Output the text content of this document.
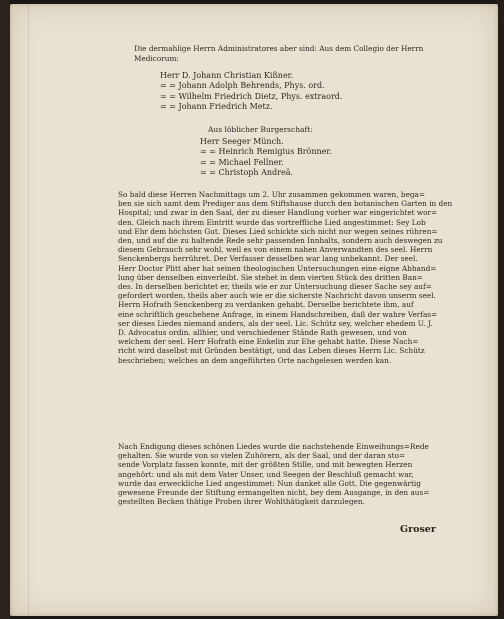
Die dermahlige Herrn Administratores aber sind: Aus dem Collegio der Herrn
Medicorum:
Herr D. Johann Christian Kißner.
= = Johann Adolph Behrends, Phys. ord.
= = Wilhelm Friedrich Dietz, Phys. extraord.
= = Johann Friedrich Metz.
Aus löblicher Burgerschaft:
Herr Seeger Münch.
= = Heinrich Remigius Brönner.
= = Michael Fellner.
= = Christoph Andreä.
So bald diese Herren Nachmittags um 2. Uhr zusammen gekommen waren, bega=
ben sie sich samt dem Prediger aus dem Stiftshause durch den botanischen Garten in den
Hospital; und zwar in den Saal, der zu dieser Handlung vorher war eingerichtet wor=
den. Gleich nach ihrem Eintritt wurde das vortreffliche Lied angestimmet: Sey Lob
und Ehr dem höchsten Gut. Dieses Lied schickte sich nicht nur wegen seines rühren=
den, und auf die zu haltende Rede sehr passenden Innhalts, sondern auch deswegen zu
diesem Gebrauch sehr wohl, weil es von einem nahen Anverwandten des seel. Herrn
Senckenbergs herrühret. Der Verfasser desselben war lang unbekannt. Der seel.
Herr Doctor Plitt aber hat seinen theologischen Untersuchungen eine eigne Abhand=
lung über denselben einverleibt. Sie stehet in dem vierten Stück des dritten Ban=
des. In derselben berichtet er, theils wie er zur Untersuchung dieser Sache sey auf=
gefordert worden, theils aber auch wie er die sicherste Nachricht davon unserm seel.
Herrn Hofrath Senckenberg zu verdanken gehabt. Derselbe berichtete ihm, auf
eine schriftlich geschehene Anfrage, in einem Handschreiben, daß der wahre Verfas=
ser dieses Liedes niemand anders, als der seel. Lic. Schütz sey, welcher ehedem U. J.
D. Advocatus ordin. allhier, und verschiedener Stände Rath gewesen, und von
welchem der seel. Herr Hofrath eine Enkelin zur Ehe gehabt hatte. Diese Nach=
richt wird daselbst mit Gründen bestätigt, und das Leben dieses Herrn Lic. Schütz
beschrieben; welches an dem angeführten Orte nachgelesen werden kan.
Nach Endigung dieses schönen Liedes wurde die nachstehende Einweihungs=Rede
gehalten. Sie wurde von so vielen Zuhörern, als der Saal, und der daran sto=
sende Vorplatz fassen konnte, mit der größten Stille, und mit bewegten Herzen
angehört: und als mit dem Vater Unser, und Seegen der Beschluß gemacht war,
wurde das erweckliche Lied angestimmet: Nun danket alle Gott. Die gegenwärtig
gewesene Freunde der Stiftung ermangelten nicht, bey dem Ausgange, in den aus=
gestellten Becken thätige Proben ihrer Wohlthätigkeit darzulegen.
Groser
